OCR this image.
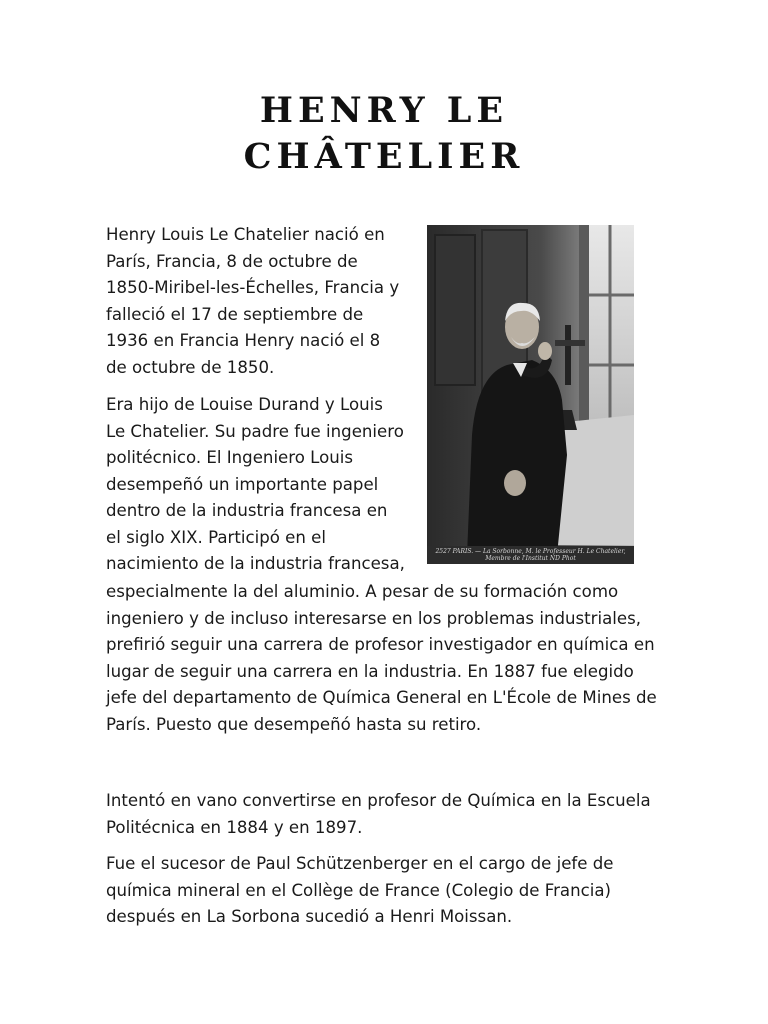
HENRY LE
CHÂTELIER

Henry Louis Le Chatelier nació en París, Francia, 8 de octubre de 1850-Miribel-les-Échelles, Francia y falleció el 17 de septiembre de 1936 en Francia Henry nació el 8 de octubre de 1850.

Era hijo de Louise Durand y Louis Le Chatelier. Su padre fue ingeniero politécnico. El Ingeniero Louis desempeñó un importante papel dentro de la industria francesa en el siglo XIX. Participó en el nacimiento de la industria francesa,

especialmente la del aluminio. A pesar de su formación como ingeniero y de incluso interesarse en los problemas industriales, prefirió seguir una carrera de profesor investigador en química en lugar de seguir una carrera en la industria. En 1887 fue elegido jefe del departamento de Química General en L'École de Mines de París. Puesto que desempeñó hasta su retiro.

Intentó en vano convertirse en profesor de Química en la Escuela Politécnica en 1884 y en 1897.

Fue el sucesor de Paul Schützenberger en el cargo de jefe de química mineral en el Collège de France (Colegio de Francia) después en La Sorbona sucedió a Henri Moissan.

2527 PARIS. — La Sorbonne, M. le Professeur H. Le Chatelier, Membre de l'Institut ND Phot
